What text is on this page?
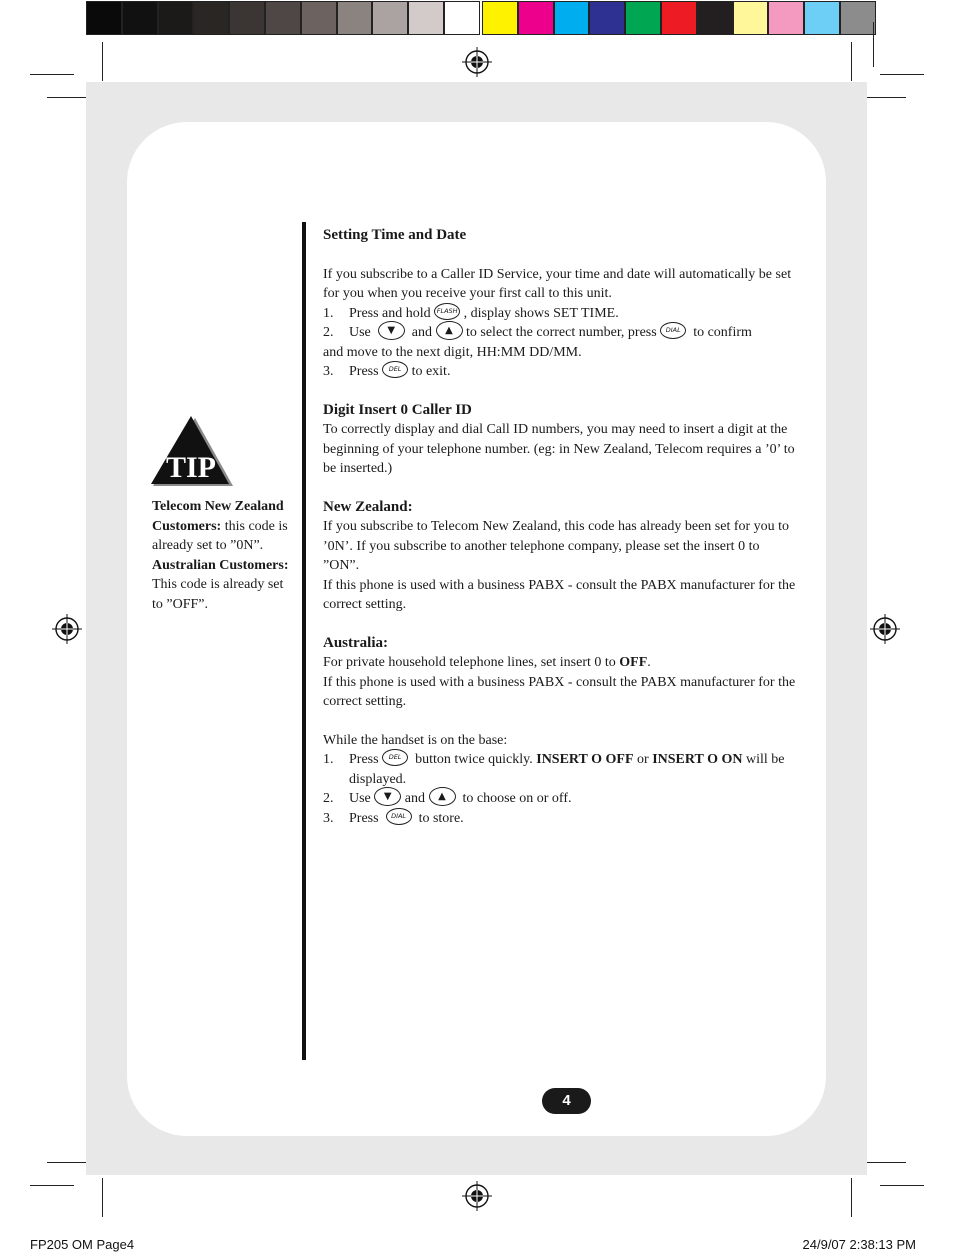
TIP
Telecom New Zealand Customers: this code is already set to ”0N”.
Australian Customers: This code is already set to ”OFF”.

Setting Time and Date

If you subscribe to a Caller ID Service, your time and date will automatically be set for you when you receive your first call to this unit.

1.	Press and hold FLASH , display shows SET TIME.
2.	Use ▼ and ▲ to select the correct number, press DIAL to confirm

and move to the next digit, HH:MM DD/MM.

3.	Press DEL to exit.

Digit Insert 0 Caller ID

To correctly display and dial Call ID numbers, you may need to insert a digit at the beginning of your telephone number. (eg: in New Zealand, Telecom requires a ’0’ to be inserted.)

New Zealand:

If you subscribe to Telecom New Zealand, this code has already been set for you to ’0N’. If you subscribe to another telephone company, please set the insert 0 to ”ON”.

If this phone is used with a business PABX - consult the PABX manufacturer for the correct setting.

Australia:

For private household telephone lines, set insert 0 to OFF.

If this phone is used with a business PABX - consult the PABX manufacturer for the correct setting.

While the handset is on the base:

1.	Press DEL button twice quickly. INSERT O OFF or INSERT O ON will be displayed.
2.	Use ▼ and ▲ to choose on or off.
3.	Press DIAL to store.
4
FP205 OM Page4	24/9/07 2:38:13 PM
